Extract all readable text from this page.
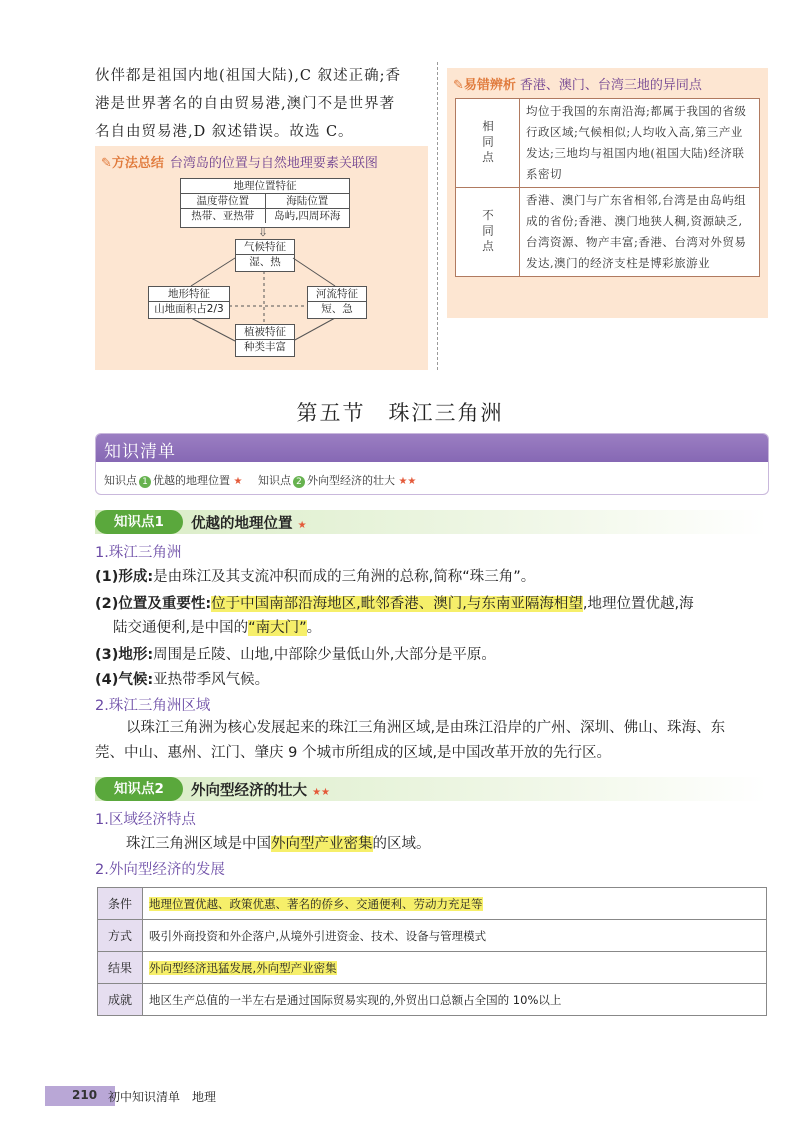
伙伴都是祖国内地(祖国大陆),C 叙述正确;香
港是世界著名的自由贸易港,澳门不是世界著
名自由贸易港,D 叙述错误。故选 C。
✎方法总结 台湾岛的位置与自然地理要素关联图
地理位置特征
温度带位置
热带、亚热带
海陆位置
岛屿,四周环海
⇩
气候特征
湿、热
地形特征
山地面积占2/3
河流特征
短、急
植被特征
种类丰富
✎易错辨析 香港、澳门、台湾三地的异同点
相同点	均位于我国的东南沿海;都属于我国的省级行政区域;气候相似;人均收入高,第三产业发达;三地均与祖国内地(祖国大陆)经济联系密切
不同点	香港、澳门与广东省相邻,台湾是由岛屿组成的省份;香港、澳门地狭人稠,资源缺乏,台湾资源、物产丰富;香港、台湾对外贸易发达,澳门的经济支柱是博彩旅游业
第五节　珠江三角洲
知识清单
知识点 1 优越的地理位置 ★ 知识点 2 外向型经济的壮大 ★★
知识点1	优越的地理位置 ★
1.珠江三角洲
(1)形成:是由珠江及其支流冲积而成的三角洲的总称,简称“珠三角”。
(2)位置及重要性:位于中国南部沿海地区,毗邻香港、澳门,与东南亚隔海相望,地理位置优越,海
陆交通便利,是中国的“南大门”。
(3)地形:周围是丘陵、山地,中部除少量低山外,大部分是平原。
(4)气候:亚热带季风气候。
2.珠江三角洲区域
以珠江三角洲为核心发展起来的珠江三角洲区域,是由珠江沿岸的广州、深圳、佛山、珠海、东
莞、中山、惠州、江门、肇庆 9 个城市所组成的区域,是中国改革开放的先行区。
知识点2	外向型经济的壮大 ★★
1.区域经济特点
珠江三角洲区域是中国外向型产业密集的区域。
2.外向型经济的发展
条件	地理位置优越、政策优惠、著名的侨乡、交通便利、劳动力充足等
方式	吸引外商投资和外企落户,从境外引进资金、技术、设备与管理模式
结果	外向型经济迅猛发展,外向型产业密集
成就	地区生产总值的一半左右是通过国际贸易实现的,外贸出口总额占全国的 10%以上
210 初中知识清单　地理
